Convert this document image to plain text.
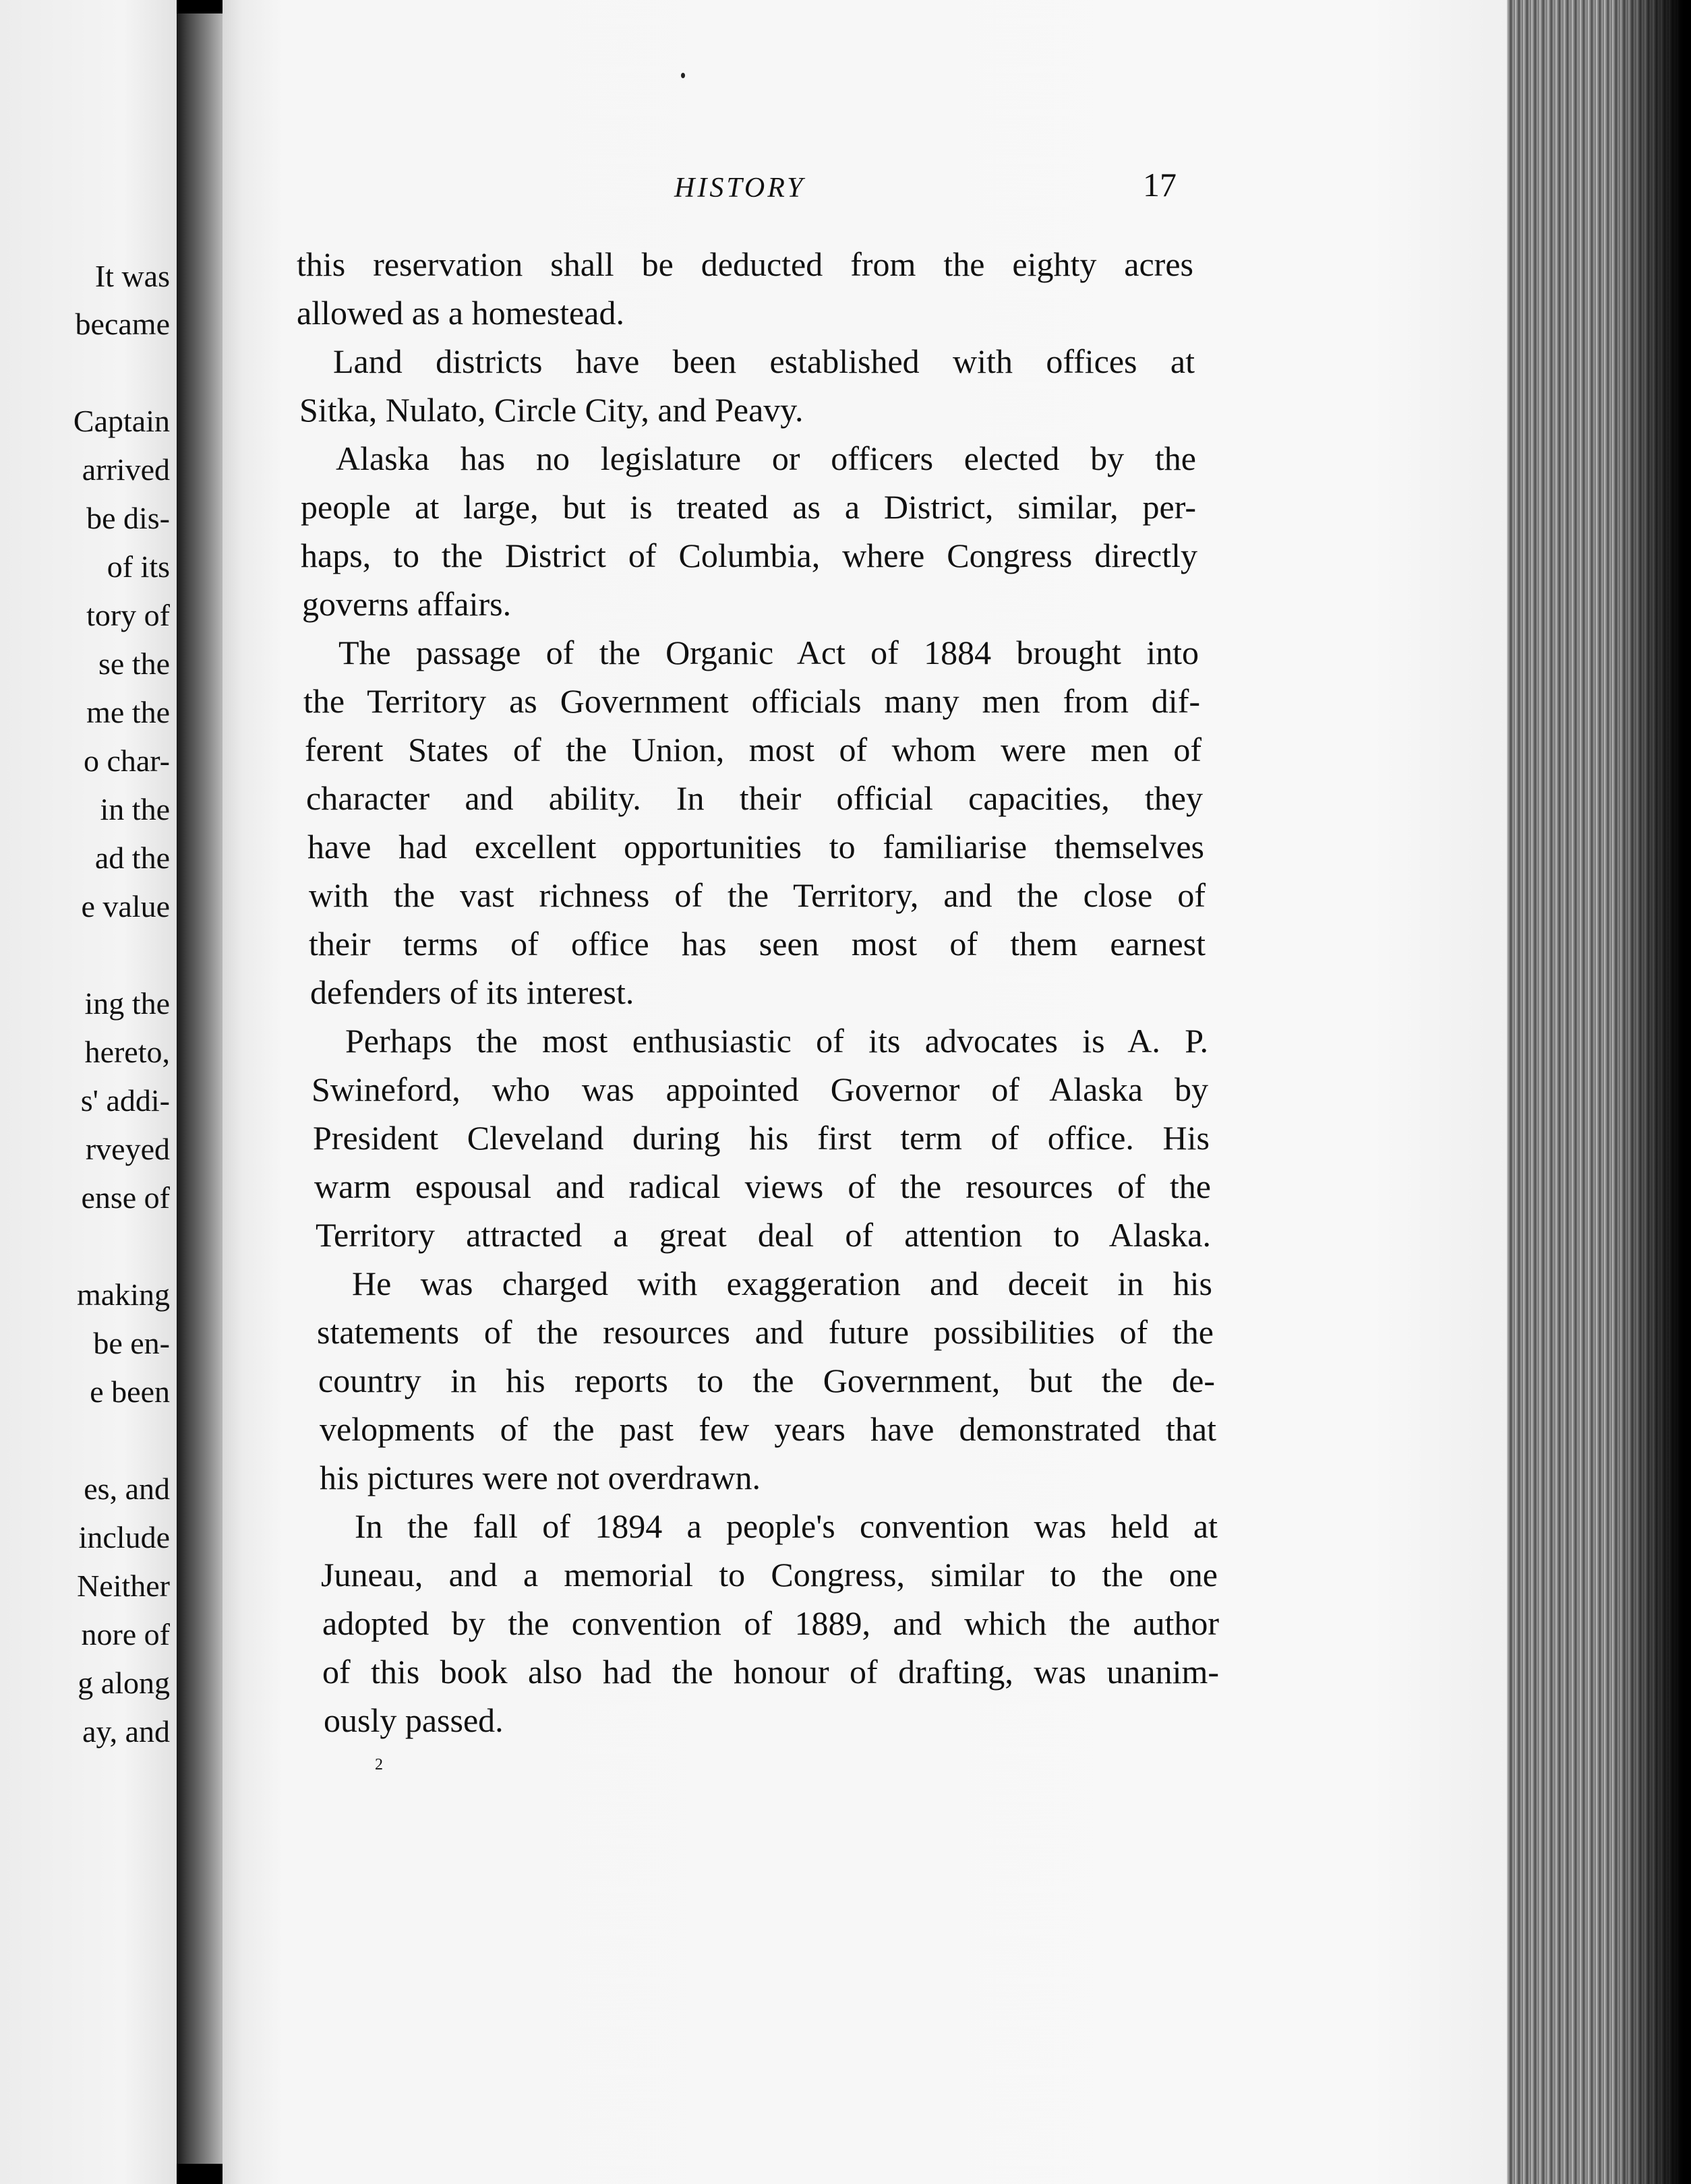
It was
became
Captain
arrived
be dis-
of its
tory of
se the
me the
o char-
in the
ad the
e value
ing the
hereto,
s' addi-
rveyed
ense of
making
be en-
e been
es, and
include
Neither
nore of
g along
ay, and
HISTORY	17
this reservation shall be deducted from the eighty acres
allowed as a homestead.
Land districts have been established with offices at
Sitka, Nulato, Circle City, and Peavy.
Alaska has no legislature or officers elected by the
people at large, but is treated as a District, similar, per-
haps, to the District of Columbia, where Congress directly
governs affairs.
The passage of the Organic Act of 1884 brought into
the Territory as Government officials many men from dif-
ferent States of the Union, most of whom were men of
character and ability. In their official capacities, they
have had excellent opportunities to familiarise themselves
with the vast richness of the Territory, and the close of
their terms of office has seen most of them earnest
defenders of its interest.
Perhaps the most enthusiastic of its advocates is A. P.
Swineford, who was appointed Governor of Alaska by
President Cleveland during his first term of office. His
warm espousal and radical views of the resources of the
Territory attracted a great deal of attention to Alaska.
He was charged with exaggeration and deceit in his
statements of the resources and future possibilities of the
country in his reports to the Government, but the de-
velopments of the past few years have demonstrated that
his pictures were not overdrawn.
In the fall of 1894 a people's convention was held at
Juneau, and a memorial to Congress, similar to the one
adopted by the convention of 1889, and which the author
of this book also had the honour of drafting, was unanim-
ously passed.
2
